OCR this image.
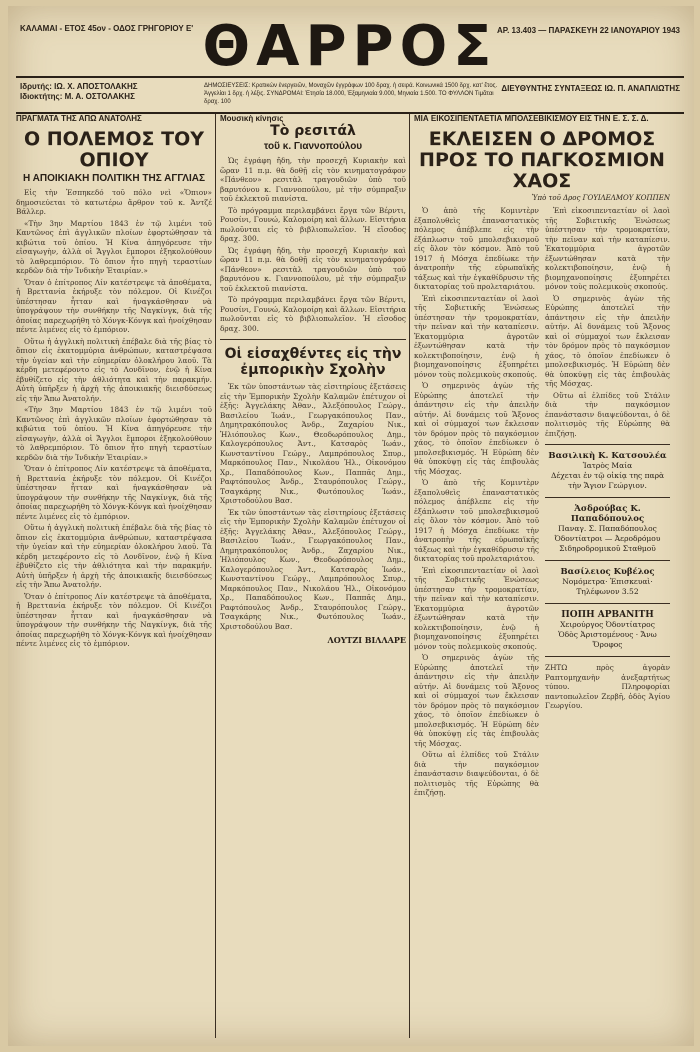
ΚΑΛΑΜΑΙ - ΕΤΟΣ 45ον - ΟΔΟΣ ΓΡΗΓΟΡΙΟΥ Ε'	ΑΡ. 13.403 — ΠΑΡΑΣΚΕΥΗ 22 ΙΑΝΟΥΑΡΙΟΥ 1943
ΘΑΡΡΟΣ
Ιδρυτής: ΙΩ. Χ. ΑΠΟΣΤΟΛΑΚΗΣ
Ιδιοκτήτης: Μ. Α. ΟΣΤΟΛΑΚΗΣ
ΔΗΜΟΣΙΕΥΣΕΙΣ: Κρατικών ἐνεργειῶν, Μοναχῶν ἐγγράφων 100 δραχ. ἡ σειρά. Κοινωνικά 1500 δρχ. κατ' ἔτος. Ἀγγελίαι 1 δρχ. ἡ λέξις. ΣΥΝΔΡΟΜΑΙ: Ἐτησία 18.000, Ἑξαμηνιαία 9.000, Μηνιαία 1.500. ΤΟ ΦΥΛΛΟΝ Τιμᾶται δραχ. 100
ΔΙΕΥΘΥΝΤΗΣ ΣΥΝΤΑΞΕΩΣ ΙΩ. Π. ΑΝΑΠΛΙΩΤΗΣ
ΠΡΑΓΜΑΤΑ ΤΗΣ ΑΠΩ ΑΝΑΤΟΛΗΣ
Ο ΠΟΛΕΜΟΣ ΤΟΥ ΟΠΙΟΥ
Η ΑΠΟΙΚΙΑΚΗ ΠΟΛΙΤΙΚΗ ΤΗΣ ΑΓΓΛΙΑΣ

Εἰς τὴν Ἐσπηκεδό τοῦ πόλο νεὶ «Ὄπιον» δημοσιεύεται τὸ κατωτέρω ἄρθρον τοῦ κ. Ἀντζέ Βάλλερ.

«Τὴν 3ην Μαρτίου 1843 ἐν τῷ λιμένι τοῦ Καντῶνος ἐπὶ ἀγγλικῶν πλοίων ἐφορτώθησαν τὰ κιβώτια τοῦ ὀπίου. Ἡ Κίνα ἀπηγόρευσε τὴν εἰσαγωγὴν, ἀλλὰ οἱ Ἄγγλοι ἔμποροι ἐξηκολούθουν τὸ λαθρεμπόριον. Τὸ ὄπιον ἦτο πηγὴ τεραστίων κερδῶν διὰ τὴν Ἰνδικὴν Ἑταιρίαν.»

Ὅταν ὁ ἐπίτροπος Λίν κατέστρεψε τὰ ἀποθέματα, ἡ Βρεττανία ἐκήρυξε τὸν πόλεμον. Οἱ Κινέζοι ὑπέστησαν ἧτταν καὶ ἠναγκάσθησαν νὰ ὑπογράψουν τὴν συνθήκην τῆς Ναγκίνγκ, διὰ τῆς ὁποίας παρεχωρήθη τὸ Χόνγκ-Κόνγκ καὶ ἠνοίχθησαν πέντε λιμένες εἰς τὸ ἐμπόριον.

Οὕτω ἡ ἀγγλικὴ πολιτικὴ ἐπέβαλε διὰ τῆς βίας τὸ ὄπιον εἰς ἑκατομμύρια ἀνθρώπων, καταστρέψασα τὴν ὑγείαν καὶ τὴν εὐημερίαν ὁλοκλήρου λαοῦ. Τὰ κέρδη μετεφέροντο εἰς τὸ Λονδῖνον, ἐνῷ ἡ Κίνα ἐβυθίζετο εἰς τὴν ἀθλιότητα καὶ τὴν παρακμήν. Αὐτὴ ὑπῆρξεν ἡ ἀρχὴ τῆς ἀποικιακῆς διεισδύσεως εἰς τὴν Ἄπω Ἀνατολήν.

«Τὴν 3ην Μαρτίου 1843 ἐν τῷ λιμένι τοῦ Καντῶνος ἐπὶ ἀγγλικῶν πλοίων ἐφορτώθησαν τὰ κιβώτια τοῦ ὀπίου. Ἡ Κίνα ἀπηγόρευσε τὴν εἰσαγωγὴν, ἀλλὰ οἱ Ἄγγλοι ἔμποροι ἐξηκολούθουν τὸ λαθρεμπόριον. Τὸ ὄπιον ἦτο πηγὴ τεραστίων κερδῶν διὰ τὴν Ἰνδικὴν Ἑταιρίαν.»

Ὅταν ὁ ἐπίτροπος Λίν κατέστρεψε τὰ ἀποθέματα, ἡ Βρεττανία ἐκήρυξε τὸν πόλεμον. Οἱ Κινέζοι ὑπέστησαν ἧτταν καὶ ἠναγκάσθησαν νὰ ὑπογράψουν τὴν συνθήκην τῆς Ναγκίνγκ, διὰ τῆς ὁποίας παρεχωρήθη τὸ Χόνγκ-Κόνγκ καὶ ἠνοίχθησαν πέντε λιμένες εἰς τὸ ἐμπόριον.

Οὕτω ἡ ἀγγλικὴ πολιτικὴ ἐπέβαλε διὰ τῆς βίας τὸ ὄπιον εἰς ἑκατομμύρια ἀνθρώπων, καταστρέψασα τὴν ὑγείαν καὶ τὴν εὐημερίαν ὁλοκλήρου λαοῦ. Τὰ κέρδη μετεφέροντο εἰς τὸ Λονδῖνον, ἐνῷ ἡ Κίνα ἐβυθίζετο εἰς τὴν ἀθλιότητα καὶ τὴν παρακμήν. Αὐτὴ ὑπῆρξεν ἡ ἀρχὴ τῆς ἀποικιακῆς διεισδύσεως εἰς τὴν Ἄπω Ἀνατολήν.

Ὅταν ὁ ἐπίτροπος Λίν κατέστρεψε τὰ ἀποθέματα, ἡ Βρεττανία ἐκήρυξε τὸν πόλεμον. Οἱ Κινέζοι ὑπέστησαν ἧτταν καὶ ἠναγκάσθησαν νὰ ὑπογράψουν τὴν συνθήκην τῆς Ναγκίνγκ, διὰ τῆς ὁποίας παρεχωρήθη τὸ Χόνγκ-Κόνγκ καὶ ἠνοίχθησαν πέντε λιμένες εἰς τὸ ἐμπόριον.

Μουσικὴ κίνησις
Τὸ ρεσιτάλ
τοῦ κ. Γιαννοπούλου

Ὡς ἐγράφη ἤδη, τὴν προσεχῆ Κυριακὴν καὶ ὥραν 11 π.μ. θὰ δοθῇ εἰς τὸν κινηματογράφον «Πάνθεον» ρεσιτὰλ τραγουδιῶν ὑπὸ τοῦ βαρυτόνου κ. Γιαννοπούλου, μὲ τὴν σύμπραξιν τοῦ ἐκλεκτοῦ πιανίστα.

Τὸ πρόγραμμα περιλαμβάνει ἔργα τῶν Βέρντι, Ρουσίνι, Γουνώ, Καλομοίρη καὶ ἄλλων. Εἰσιτήρια πωλοῦνται εἰς τὸ βιβλιοπωλεῖον. Ἡ εἴσοδος δραχ. 300.

Ὡς ἐγράφη ἤδη, τὴν προσεχῆ Κυριακὴν καὶ ὥραν 11 π.μ. θὰ δοθῇ εἰς τὸν κινηματογράφον «Πάνθεον» ρεσιτὰλ τραγουδιῶν ὑπὸ τοῦ βαρυτόνου κ. Γιαννοπούλου, μὲ τὴν σύμπραξιν τοῦ ἐκλεκτοῦ πιανίστα.

Τὸ πρόγραμμα περιλαμβάνει ἔργα τῶν Βέρντι, Ρουσίνι, Γουνώ, Καλομοίρη καὶ ἄλλων. Εἰσιτήρια πωλοῦνται εἰς τὸ βιβλιοπωλεῖον. Ἡ εἴσοδος δραχ. 300.

Οἱ εἰσαχθέντες εἰς τὴν ἐμπορικὴν Σχολὴν

Ἐκ τῶν ὑποστάντων τὰς εἰσιτηρίους ἐξετάσεις εἰς τὴν Ἐμπορικὴν Σχολὴν Καλαμῶν ἐπέτυχον οἱ ἑξῆς: Ἀγγελάκης Ἀθαν., Ἀλεξόπουλος Γεώργ., Βασιλείου Ἰωάν., Γεωργακόπουλος Παν., Δημητρακόπουλος Ἀνδρ., Ζαχαρίου Νικ., Ἠλιόπουλος Κων., Θεοδωρόπουλος Δημ., Καλογερόπουλος Ἀντ., Κατσαρὸς Ἰωάν., Κωνσταντίνου Γεώργ., Λαμπρόπουλος Σπυρ., Μαρκόπουλος Παν., Νικολάου Ἠλ., Οἰκονόμου Χρ., Παπαδόπουλος Κων., Παππᾶς Δημ., Ραφτόπουλος Ἀνδρ., Σταυρόπουλος Γεώργ., Τσαγκάρης Νικ., Φωτόπουλος Ἰωάν., Χριστοδούλου Βασ.

Ἐκ τῶν ὑποστάντων τὰς εἰσιτηρίους ἐξετάσεις εἰς τὴν Ἐμπορικὴν Σχολὴν Καλαμῶν ἐπέτυχον οἱ ἑξῆς: Ἀγγελάκης Ἀθαν., Ἀλεξόπουλος Γεώργ., Βασιλείου Ἰωάν., Γεωργακόπουλος Παν., Δημητρακόπουλος Ἀνδρ., Ζαχαρίου Νικ., Ἠλιόπουλος Κων., Θεοδωρόπουλος Δημ., Καλογερόπουλος Ἀντ., Κατσαρὸς Ἰωάν., Κωνσταντίνου Γεώργ., Λαμπρόπουλος Σπυρ., Μαρκόπουλος Παν., Νικολάου Ἠλ., Οἰκονόμου Χρ., Παπαδόπουλος Κων., Παππᾶς Δημ., Ραφτόπουλος Ἀνδρ., Σταυρόπουλος Γεώργ., Τσαγκάρης Νικ., Φωτόπουλος Ἰωάν., Χριστοδούλου Βασ.

ΛΟΥΤΖΙ ΒΙΛΛΑΡΕ
ΜΙΑ ΕΙΚΟΣΙΠΕΝΤΑΕΤΙΑ ΜΠΟΛΣΕΒΙΚΙΣΜΟΥ ΕΙΣ ΤΗΝ Ε. Σ. Σ. Δ.
ΕΚΛΕΙΣΕΝ Ο ΔΡΟΜΟΣ ΠΡΟΣ ΤΟ ΠΑΓΚΟΣΜΙΟΝ ΧΑΟΣ
Ὑπὸ τοῦ Δρος ΓΟΥΙΛΕΛΜΟΥ ΚΟΠΠΕΝ

Ὁ ἀπὸ τῆς Κομιντὲρν ἐξαπολυθεὶς ἐπαναστατικὸς πόλεμος ἀπέβλεπε εἰς τὴν ἐξάπλωσιν τοῦ μπολσεβικισμοῦ εἰς ὅλον τὸν κόσμον. Ἀπὸ τοῦ 1917 ἡ Μόσχα ἐπεδίωκε τὴν ἀνατροπὴν τῆς εὐρωπαϊκῆς τάξεως καὶ τὴν ἐγκαθίδρυσιν τῆς δικτατορίας τοῦ προλεταριάτου.

Ἐπὶ εἰκοσιπενταετίαν οἱ λαοὶ τῆς Σοβιετικῆς Ἑνώσεως ὑπέστησαν τὴν τρομοκρατίαν, τὴν πεῖναν καὶ τὴν καταπίεσιν. Ἑκατομμύρια ἀγροτῶν ἐξωντώθησαν κατὰ τὴν κολεκτιβοποίησιν, ἐνῷ ἡ βιομηχανοποίησις ἐξυπηρέτει μόνον τοὺς πολεμικοὺς σκοπούς.

Ὁ σημερινὸς ἀγὼν τῆς Εὐρώπης ἀποτελεῖ τὴν ἀπάντησιν εἰς τὴν ἀπειλὴν αὐτήν. Αἱ δυνάμεις τοῦ Ἄξονος καὶ οἱ σύμμαχοί των ἔκλεισαν τὸν δρόμον πρὸς τὸ παγκόσμιον χάος, τὸ ὁποῖον ἐπεδίωκεν ὁ μπολσεβικισμός. Ἡ Εὐρώπη δὲν θὰ ὑποκύψῃ εἰς τὰς ἐπιβουλὰς τῆς Μόσχας.

Ὁ ἀπὸ τῆς Κομιντὲρν ἐξαπολυθεὶς ἐπαναστατικὸς πόλεμος ἀπέβλεπε εἰς τὴν ἐξάπλωσιν τοῦ μπολσεβικισμοῦ εἰς ὅλον τὸν κόσμον. Ἀπὸ τοῦ 1917 ἡ Μόσχα ἐπεδίωκε τὴν ἀνατροπὴν τῆς εὐρωπαϊκῆς τάξεως καὶ τὴν ἐγκαθίδρυσιν τῆς δικτατορίας τοῦ προλεταριάτου.

Ἐπὶ εἰκοσιπενταετίαν οἱ λαοὶ τῆς Σοβιετικῆς Ἑνώσεως ὑπέστησαν τὴν τρομοκρατίαν, τὴν πεῖναν καὶ τὴν καταπίεσιν. Ἑκατομμύρια ἀγροτῶν ἐξωντώθησαν κατὰ τὴν κολεκτιβοποίησιν, ἐνῷ ἡ βιομηχανοποίησις ἐξυπηρέτει μόνον τοὺς πολεμικοὺς σκοπούς.

Ὁ σημερινὸς ἀγὼν τῆς Εὐρώπης ἀποτελεῖ τὴν ἀπάντησιν εἰς τὴν ἀπειλὴν αὐτήν. Αἱ δυνάμεις τοῦ Ἄξονος καὶ οἱ σύμμαχοί των ἔκλεισαν τὸν δρόμον πρὸς τὸ παγκόσμιον χάος, τὸ ὁποῖον ἐπεδίωκεν ὁ μπολσεβικισμός. Ἡ Εὐρώπη δὲν θὰ ὑποκύψῃ εἰς τὰς ἐπιβουλὰς τῆς Μόσχας.

Οὕτω αἱ ἐλπίδες τοῦ Στάλιν διὰ τὴν παγκόσμιον ἐπανάστασιν διαψεύδονται, ὁ δὲ πολιτισμὸς τῆς Εὐρώπης θὰ ἐπιζήσῃ.

Ἐπὶ εἰκοσιπενταετίαν οἱ λαοὶ τῆς Σοβιετικῆς Ἑνώσεως ὑπέστησαν τὴν τρομοκρατίαν, τὴν πεῖναν καὶ τὴν καταπίεσιν. Ἑκατομμύρια ἀγροτῶν ἐξωντώθησαν κατὰ τὴν κολεκτιβοποίησιν, ἐνῷ ἡ βιομηχανοποίησις ἐξυπηρέτει μόνον τοὺς πολεμικοὺς σκοπούς.

Ὁ σημερινὸς ἀγὼν τῆς Εὐρώπης ἀποτελεῖ τὴν ἀπάντησιν εἰς τὴν ἀπειλὴν αὐτήν. Αἱ δυνάμεις τοῦ Ἄξονος καὶ οἱ σύμμαχοί των ἔκλεισαν τὸν δρόμον πρὸς τὸ παγκόσμιον χάος, τὸ ὁποῖον ἐπεδίωκεν ὁ μπολσεβικισμός. Ἡ Εὐρώπη δὲν θὰ ὑποκύψῃ εἰς τὰς ἐπιβουλὰς τῆς Μόσχας.

Οὕτω αἱ ἐλπίδες τοῦ Στάλιν διὰ τὴν παγκόσμιον ἐπανάστασιν διαψεύδονται, ὁ δὲ πολιτισμὸς τῆς Εὐρώπης θὰ ἐπιζήσῃ.

Βασιλικὴ Κ. Κατσουλέα
Ἰατρὸς Μαία
Δέχεται ἐν τῷ οἰκίᾳ της παρὰ τὴν Ἅγιον Γεώργιον.
Ἀσδρούβας Κ. Παπαδόπουλος
Παναγ. Σ. Παπαδόπουλος
Ὀδοντίατροι — Ἀεροδρόμου Σιδηροδρομικοῦ Σταθμοῦ
Βασίλειος Κυβέλος
Νομόμετρα· Ἐπισκευαὶ· Τηλέφωνον 3.52
ΠΟΠΗ ΑΡΒΑΝΙΤΗ
Χειρούργος Ὀδοντίατρος
Ὁδὸς Ἀριστομένους · Ἄνω Ὄροφος
ΖΗΤΩ πρὸς ἀγορὰν Ραπτομηχανὴν ἀνεξαρτήτως τύπου. Πληροφορίαι παντοπωλεῖον Ζερβῆ, ὁδὸς Ἀγίου Γεωργίου.
